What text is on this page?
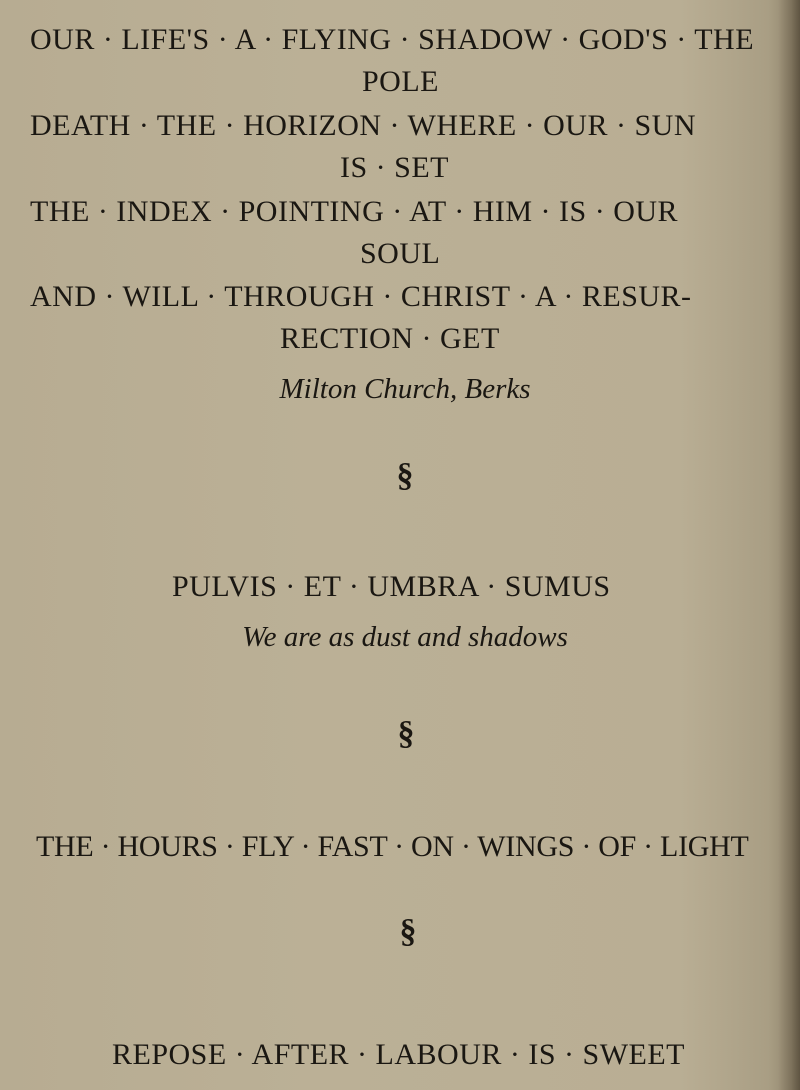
OUR · LIFE'S · A · FLYING · SHADOW · GOD'S · THE
POLE
DEATH · THE · HORIZON · WHERE · OUR · SUN
IS · SET
THE · INDEX · POINTING · AT · HIM · IS · OUR
SOUL
AND · WILL · THROUGH · CHRIST · A · RESUR-
RECTION · GET
Milton Church, Berks
§
PULVIS · ET · UMBRA · SUMUS
We are as dust and shadows
§
THE · HOURS · FLY · FAST · ON · WINGS · OF · LIGHT
§
REPOSE · AFTER · LABOUR · IS · SWEET
